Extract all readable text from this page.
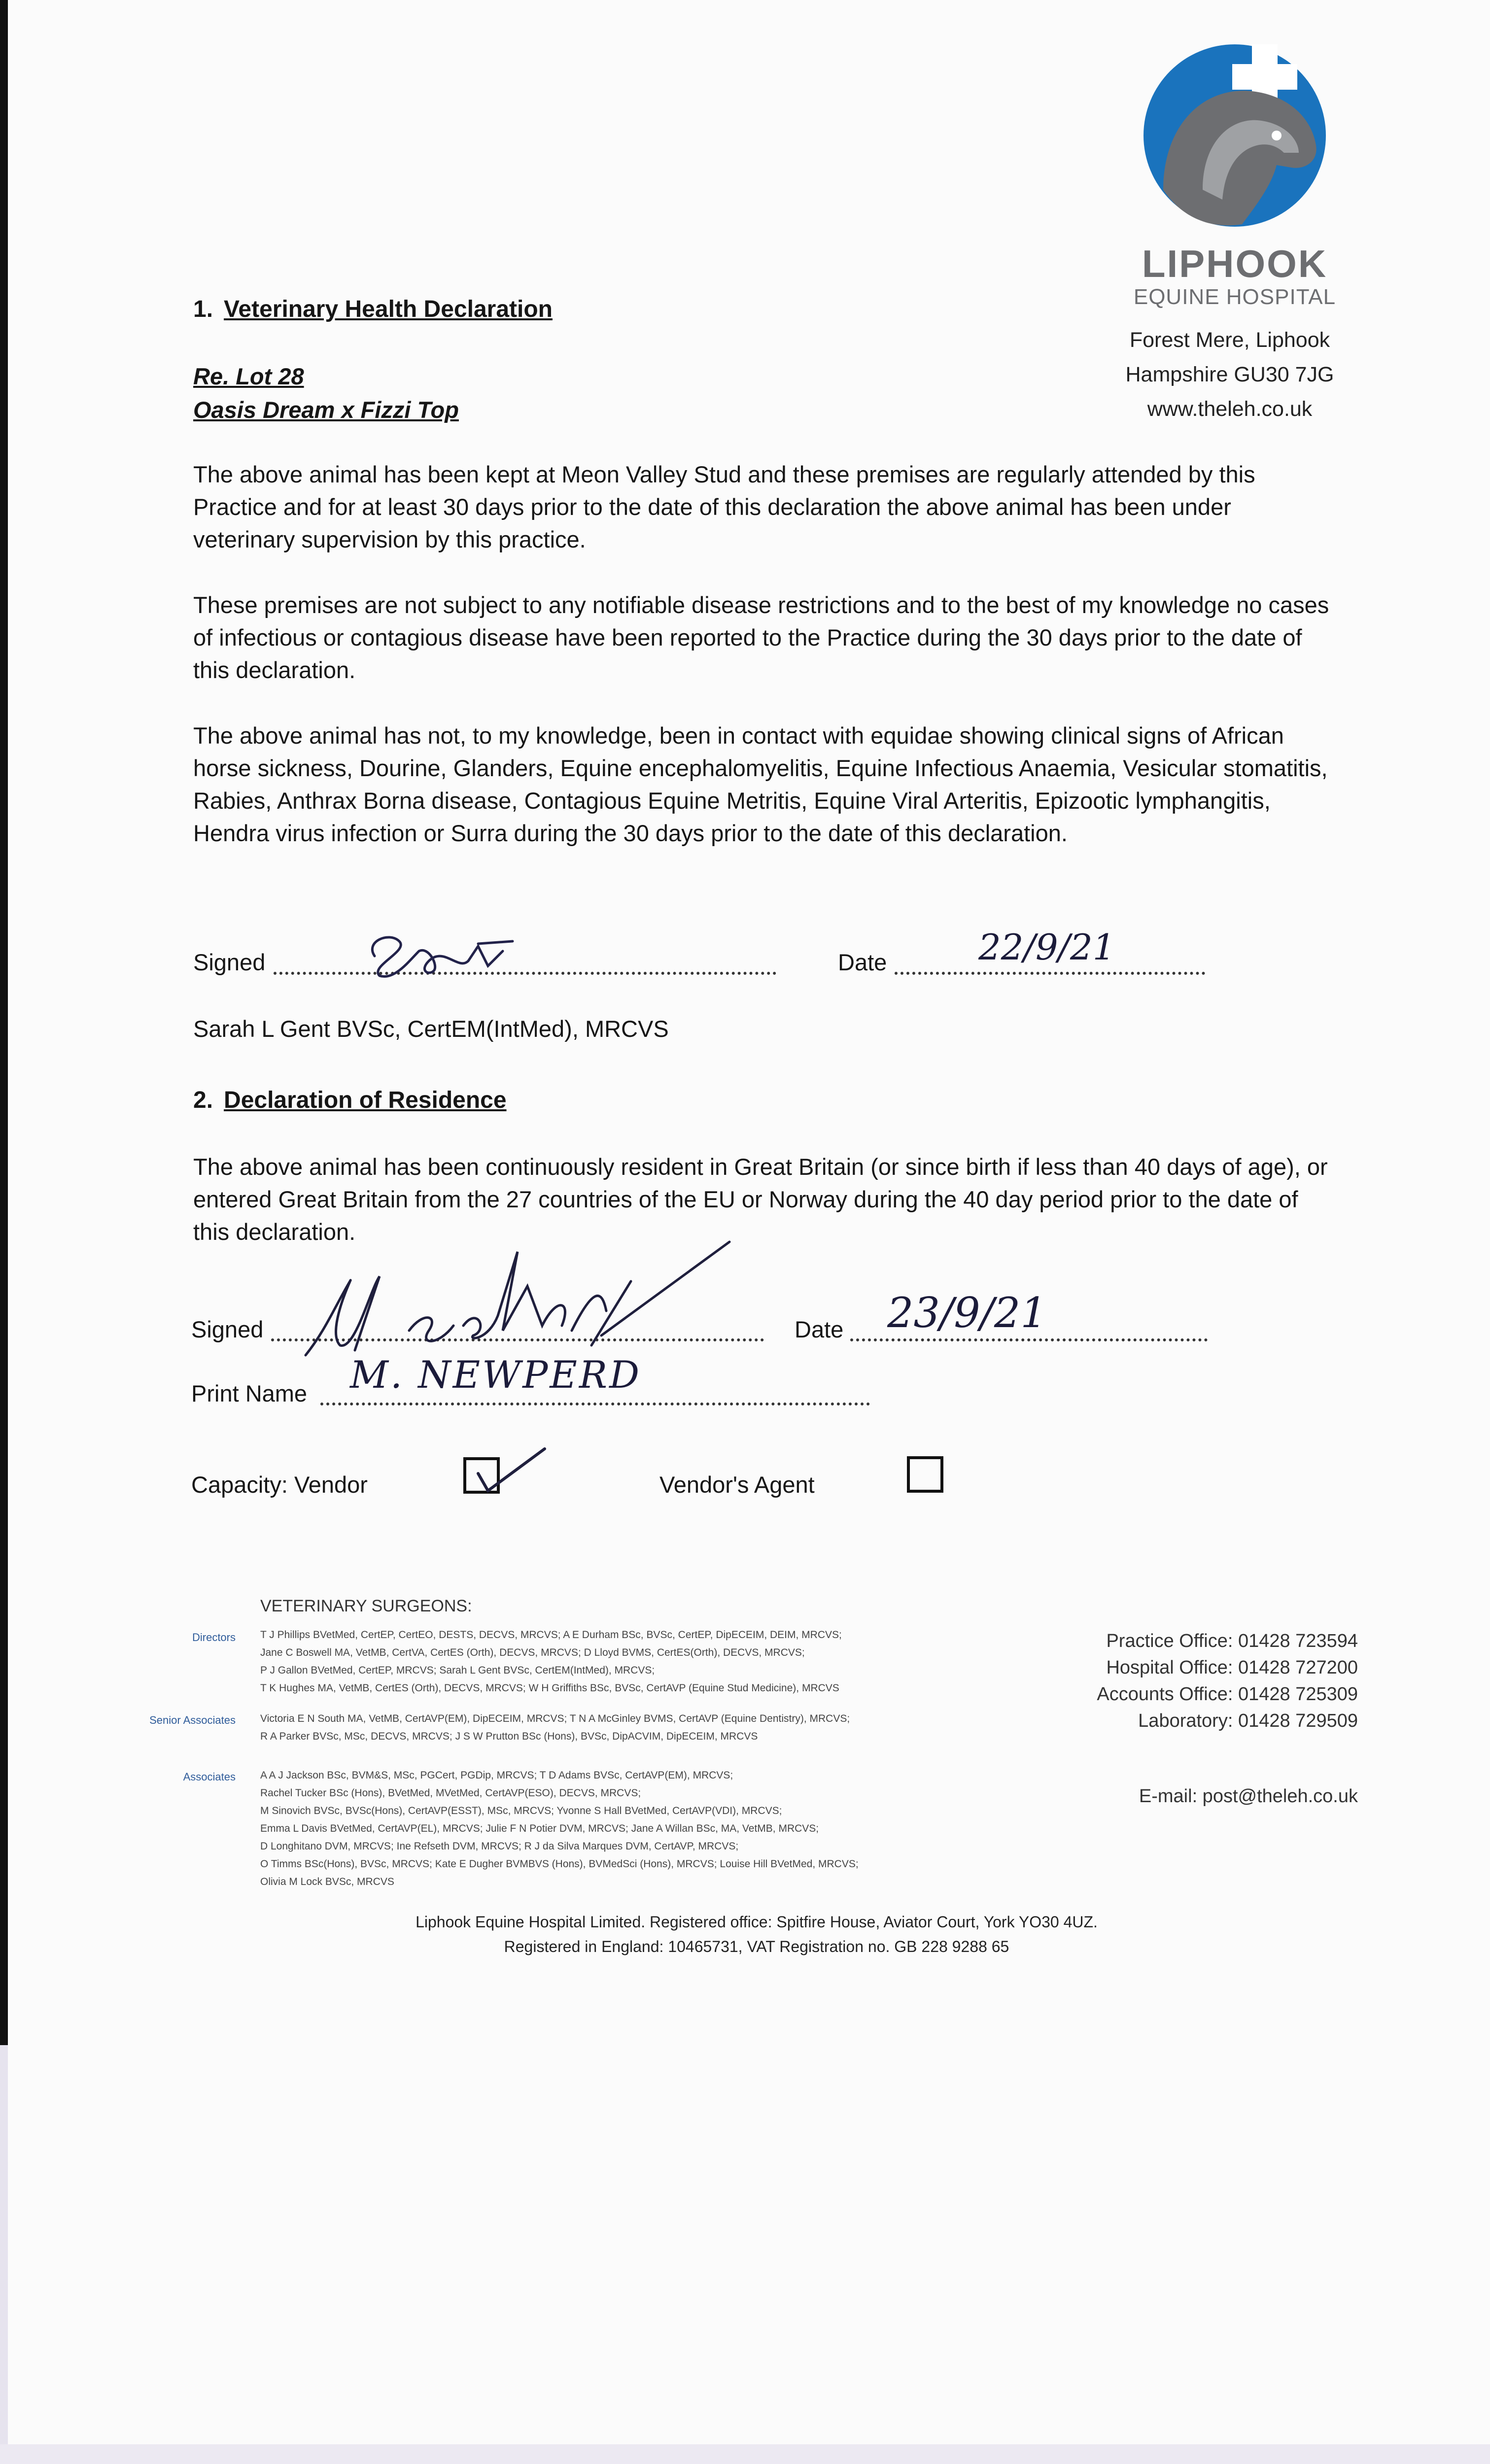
LIPHOOK
EQUINE HOSPITAL
Forest Mere, Liphook
Hampshire GU30 7JG
www.theleh.co.uk
1. Veterinary Health Declaration
Re. Lot 28
Oasis Dream x Fizzi Top
The above animal has been kept at Meon Valley Stud and these premises are regularly attended by this Practice and for at least 30 days prior to the date of this declaration the above animal has been under veterinary supervision by this practice.
These premises are not subject to any notifiable disease restrictions and to the best of my knowledge no cases of infectious or contagious disease have been reported to the Practice during the 30 days prior to the date of this declaration.
The above animal has not, to my knowledge, been in contact with equidae showing clinical signs of African horse sickness, Dourine, Glanders, Equine encephalomyelitis, Equine Infectious Anaemia, Vesicular stomatitis, Rabies, Anthrax Borna disease, Contagious Equine Metritis, Equine Viral Arteritis, Epizootic lymphangitis, Hendra virus infection or Surra during the 30 days prior to the date of this declaration.
Signed	Date	22/9/21
Sarah L Gent BVSc, CertEM(IntMed), MRCVS
2. Declaration of Residence
The above animal has been continuously resident in Great Britain (or since birth if less than 40 days of age), or entered Great Britain from the 27 countries of the EU or Norway during the 40 day period prior to the date of this declaration.
Signed	Date 23/9/21
Print Name M. NEWPERD
Capacity: Vendor	Vendor's Agent
VETERINARY SURGEONS:
Directors T J Phillips BVetMed, CertEP, CertEO, DESTS, DECVS, MRCVS; A E Durham BSc, BVSc, CertEP, DipECEIM, DEIM, MRCVS;
Jane C Boswell MA, VetMB, CertVA, CertES (Orth), DECVS, MRCVS; D Lloyd BVMS, CertES(Orth), DECVS, MRCVS;
P J Gallon BVetMed, CertEP, MRCVS; Sarah L Gent BVSc, CertEM(IntMed), MRCVS;
T K Hughes MA, VetMB, CertES (Orth), DECVS, MRCVS; W H Griffiths BSc, BVSc, CertAVP (Equine Stud Medicine), MRCVS
Senior Associates Victoria E N South MA, VetMB, CertAVP(EM), DipECEIM, MRCVS; T N A McGinley BVMS, CertAVP (Equine Dentistry), MRCVS;
R A Parker BVSc, MSc, DECVS, MRCVS; J S W Prutton BSc (Hons), BVSc, DipACVIM, DipECEIM, MRCVS
Associates A A J Jackson BSc, BVM&S, MSc, PGCert, PGDip, MRCVS; T D Adams BVSc, CertAVP(EM), MRCVS;
Rachel Tucker BSc (Hons), BVetMed, MVetMed, CertAVP(ESO), DECVS, MRCVS;
M Sinovich BVSc, BVSc(Hons), CertAVP(ESST), MSc, MRCVS; Yvonne S Hall BVetMed, CertAVP(VDI), MRCVS;
Emma L Davis BVetMed, CertAVP(EL), MRCVS; Julie F N Potier DVM, MRCVS; Jane A Willan BSc, MA, VetMB, MRCVS;
D Longhitano DVM, MRCVS; Ine Refseth DVM, MRCVS; R J da Silva Marques DVM, CertAVP, MRCVS;
O Timms BSc(Hons), BVSc, MRCVS; Kate E Dugher BVMBVS (Hons), BVMedSci (Hons), MRCVS; Louise Hill BVetMed, MRCVS;
Olivia M Lock BVSc, MRCVS
Practice Office: 01428 723594
Hospital Office: 01428 727200
Accounts Office: 01428 725309
Laboratory: 01428 729509
E-mail: post@theleh.co.uk
Liphook Equine Hospital Limited. Registered office: Spitfire House, Aviator Court, York YO30 4UZ.
Registered in England: 10465731, VAT Registration no. GB 228 9288 65
